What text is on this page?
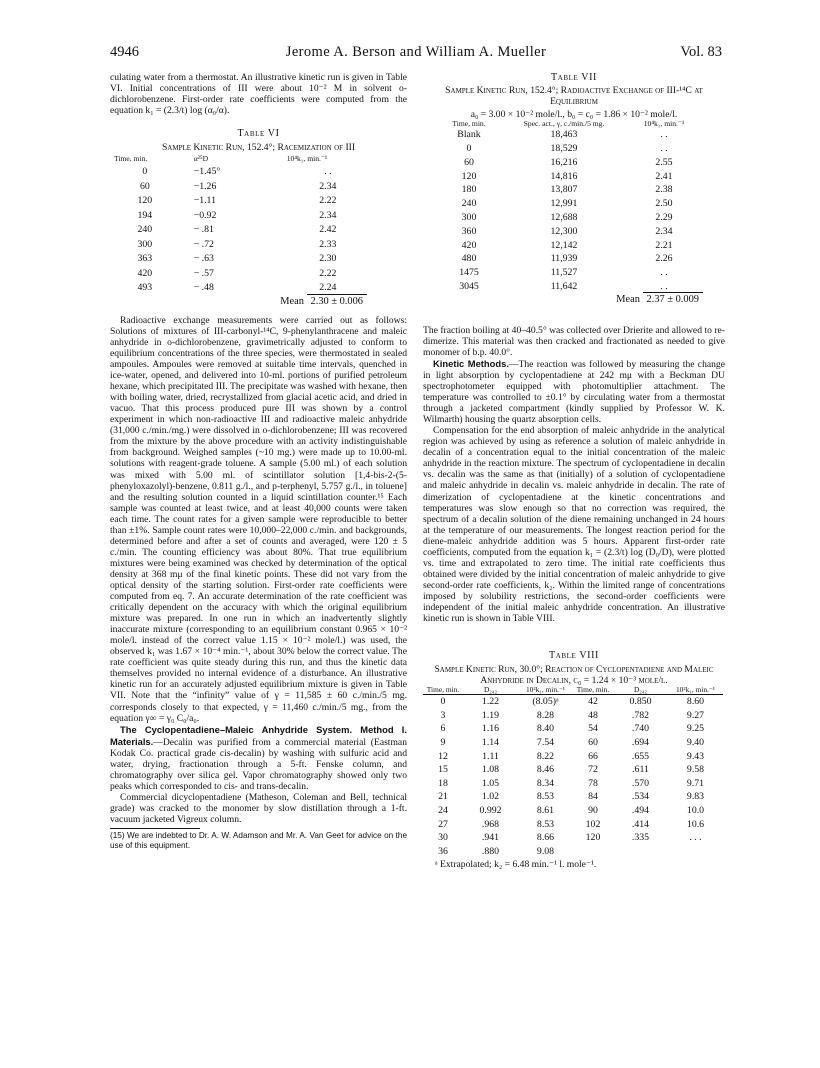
4946	Jerome A. Berson and William A. Mueller	Vol. 83

culating water from a thermostat. An illustrative kinetic run is given in Table VI. Initial concentrations of III were about 10⁻² M in solvent o-dichlorobenzene. First-order rate coefficients were computed from the equation k₁ = (2.3/t) log (α₀/α).

Table VI

Sample Kinetic Run, 152.4°; Racemization of III

Time, min.	α²⁵D	10⁴k₁, min.⁻¹
0	−1.45°	. .
60	−1.26	2.34
120	−1.11	2.22
194	−0.92	2.34
240	− .81	2.42
300	− .72	2.33
363	− .63	2.30
420	− .57	2.22
493	− .48	2.24

Mean 2.30 ± 0.006

Radioactive exchange measurements were carried out as follows: Solutions of mixtures of III-carbonyl-¹⁴C, 9-phenylanthracene and maleic anhydride in o-dichlorobenzene, gravimetrically adjusted to conform to equilibrium concentrations of the three species, were thermostated in sealed ampoules. Ampoules were removed at suitable time intervals, quenched in ice-water, opened, and delivered into 10-ml. portions of purified petroleum hexane, which precipitated III. The precipitate was washed with hexane, then with boiling water, dried, recrystallized from glacial acetic acid, and dried in vacuo. That this process produced pure III was shown by a control experiment in which non-radioactive III and radioactive maleic anhydride (31,000 c./min./mg.) were dissolved in o-dichlorobenzene; III was recovered from the mixture by the above procedure with an activity indistinguishable from background. Weighed samples (~10 mg.) were made up to 10.00-ml. solutions with reagent-grade toluene. A sample (5.00 ml.) of each solution was mixed with 5.00 ml. of scintillator solution [1,4-bis-2-(5-phenyloxazolyl)-benzene, 0.811 g./l., and p-terphenyl, 5.757 g./l., in toluene] and the resulting solution counted in a liquid scintillation counter.¹⁵ Each sample was counted at least twice, and at least 40,000 counts were taken each time. The count rates for a given sample were reproducible to better than ±1%. Sample count rates were 10,000–22,000 c./min. and backgrounds, determined before and after a set of counts and averaged, were 120 ± 5 c./min. The counting efficiency was about 80%. That true equilibrium mixtures were being examined was checked by determination of the optical density at 368 mμ of the final kinetic points. These did not vary from the optical density of the starting solution. First-order rate coefficients were computed from eq. 7. An accurate determination of the rate coefficient was critically dependent on the accuracy with which the original equilibrium mixture was prepared. In one run in which an inadvertently slightly inaccurate mixture (corresponding to an equilibrium constant 0.965 × 10⁻² mole/l. instead of the correct value 1.15 × 10⁻² mole/l.) was used, the observed k₁ was 1.67 × 10⁻⁴ min.⁻¹, about 30% below the correct value. The rate coefficient was quite steady during this run, and thus the kinetic data themselves provided no internal evidence of a disturbance. An illustrative kinetic run for an accurately adjusted equilibrium mixture is given in Table VII. Note that the “infinity” value of γ = 11,585 ± 60 c./min./5 mg. corresponds closely to that expected, γ = 11,460 c./min./5 mg., from the equation γ∞ = γ₀ C₀/a₀.

The Cyclopentadiene–Maleic Anhydride System. Method I. Materials.—Decalin was purified from a commercial material (Eastman Kodak Co. practical grade cis-decalin) by washing with sulfuric acid and water, drying, fractionation through a 5-ft. Fenske column, and chromatography over silica gel. Vapor chromatography showed only two peaks which corresponded to cis- and trans-decalin.

Commercial dicyclopentadiene (Matheson, Coleman and Bell, technical grade) was cracked to the monomer by slow distillation through a 1-ft. vacuum jacketed Vigreux column.

(15) We are indebted to Dr. A. W. Adamson and Mr. A. Van Geet for advice on the use of this equipment.

Table VII

Sample Kinetic Run, 152.4°; Radioactive Exchange of III-¹⁴C at Equilibrium

a₀ = 3.00 × 10⁻² mole/l., b₀ = c₀ = 1.86 × 10⁻² mole/l.

Time, min.	Spec. act., γ, c./min./5 mg.	10⁴k₁, min.⁻¹
Blank	18,463	. .
0	18,529	. .
60	16,216	2.55
120	14,816	2.41
180	13,807	2.38
240	12,991	2.50
300	12,688	2.29
360	12,300	2.34
420	12,142	2.21
480	11,939	2.26
1475	11,527	. .
3045	11,642	. .

Mean 2.37 ± 0.009

The fraction boiling at 40–40.5° was collected over Drierite and allowed to re-dimerize. This material was then cracked and fractionated as needed to give monomer of b.p. 40.0°.

Kinetic Methods.—The reaction was followed by measuring the change in light absorption by cyclopentadiene at 242 mμ with a Beckman DU spectrophotometer equipped with photomultiplier attachment. The temperature was controlled to ±0.1° by circulating water from a thermostat through a jacketed compartment (kindly supplied by Professor W. K. Wilmarth) housing the quartz absorption cells.

Compensation for the end absorption of maleic anhydride in the analytical region was achieved by using as reference a solution of maleic anhydride in decalin of a concentration equal to the initial concentration of the maleic anhydride in the reaction mixture. The spectrum of cyclopentadiene in decalin vs. decalin was the same as that (initially) of a solution of cyclopentadiene and maleic anhydride in decalin vs. maleic anhydride in decalin. The rate of dimerization of cyclopentadiene at the kinetic concentrations and temperatures was slow enough so that no correction was required, the spectrum of a decalin solution of the diene remaining unchanged in 24 hours at the temperature of our measurements. The longest reaction period for the diene-maleic anhydride addition was 5 hours. Apparent first-order rate coefficients, computed from the equation k₁ = (2.3/t) log (D₀/D), were plotted vs. time and extrapolated to zero time. The initial rate coefficients thus obtained were divided by the initial concentration of maleic anhydride to give second-order rate coefficients, k₂. Within the limited range of concentrations imposed by solubility restrictions, the second-order coefficients were independent of the initial maleic anhydride concentration. An illustrative kinetic run is shown in Table VIII.

Table VIII

Sample Kinetic Run, 30.0°; Reaction of Cyclopentadiene and Maleic Anhydride in Decalin, c₀ = 1.24 × 10⁻³ mole/l.

Time, min.	D₂₄₂	10²k₁, min.⁻¹	Time, min.	D₂₄₂	10²k₁, min.⁻¹
0	1.22	(8.05)ᵃ	42	0.850	8.60
3	1.19	8.28	48	.782	9.27
6	1.16	8.40	54	.740	9.25
9	1.14	7.54	60	.694	9.40
12	1.11	8.22	66	.655	9.43
15	1.08	8.46	72	.611	9.58
18	1.05	8.34	78	.570	9.71
21	1.02	8.53	84	.534	9.83
24	0.992	8.61	90	.494	10.0
27	.968	8.53	102	.414	10.6
30	.941	8.66	120	.335	. . .
36	.880	9.08			

ᵃ Extrapolated; k₂ = 6.48 min.⁻¹ l. mole⁻¹.
